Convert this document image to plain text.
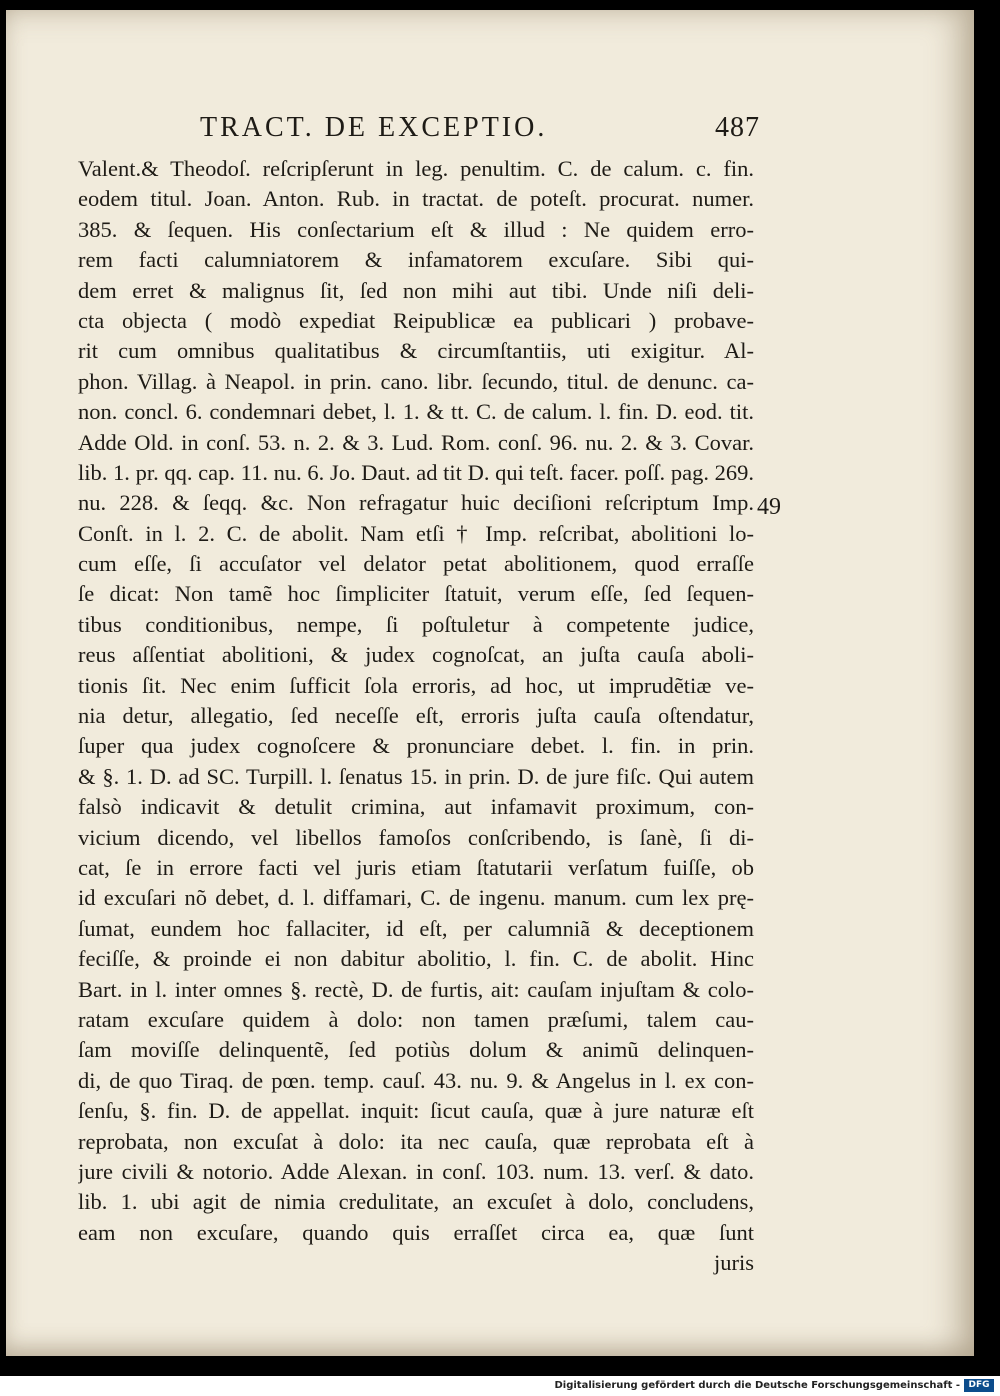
TRACT. DE EXCEPTIO.	487
49
Valent.& Theodoſ. reſcripſerunt in leg. penultim. C. de calum. c. fin.
eodem titul. Joan. Anton. Rub. in tractat. de poteſt. procurat. numer.
385. & ſequen. His conſectarium eſt & illud : Ne quidem erro-
rem facti calumniatorem & infamatorem excuſare. Sibi qui-
dem erret & malignus ſit, ſed non mihi aut tibi. Unde niſi deli-
cta objecta ( modò expediat Reipublicæ ea publicari ) probave-
rit cum omnibus qualitatibus & circumſtantiis, uti exigitur. Al-
phon. Villag. à Neapol. in prin. cano. libr. ſecundo, titul. de denunc. ca-
non. concl. 6. condemnari debet, l. 1. & tt. C. de calum. l. fin. D. eod. tit.
Adde Old. in conſ. 53. n. 2. & 3. Lud. Rom. conſ. 96. nu. 2. & 3. Covar.
lib. 1. pr. qq. cap. 11. nu. 6. Jo. Daut. ad tit D. qui teſt. facer. poſſ. pag. 269.
nu. 228. & ſeqq. &c. Non refragatur huic deciſioni reſcriptum Imp.
Conſt. in l. 2. C. de abolit. Nam etſi † Imp. reſcribat, abolitioni lo-
cum eſſe, ſi accuſator vel delator petat abolitionem, quod erraſſe
ſe dicat: Non tamẽ hoc ſimpliciter ſtatuit, verum eſſe, ſed ſequen-
tibus conditionibus, nempe, ſi poſtuletur à competente judice,
reus aſſentiat abolitioni, & judex cognoſcat, an juſta cauſa aboli-
tionis ſit. Nec enim ſufficit ſola erroris, ad hoc, ut imprudẽtiæ ve-
nia detur, allegatio, ſed neceſſe eſt, erroris juſta cauſa oſtendatur,
ſuper qua judex cognoſcere & pronunciare debet. l. fin. in prin.
& §. 1. D. ad SC. Turpill. l. ſenatus 15. in prin. D. de jure fiſc. Qui autem
falsò indicavit & detulit crimina, aut infamavit proximum, con-
vicium dicendo, vel libellos famoſos conſcribendo, is ſanè, ſi di-
cat, ſe in errore facti vel juris etiam ſtatutarii verſatum fuiſſe, ob
id excuſari nõ debet, d. l. diffamari, C. de ingenu. manum. cum lex prę-
ſumat, eundem hoc fallaciter, id eſt, per calumniã & deceptionem
feciſſe, & proinde ei non dabitur abolitio, l. fin. C. de abolit. Hinc
Bart. in l. inter omnes §. rectè, D. de furtis, ait: cauſam injuſtam & colo-
ratam excuſare quidem à dolo: non tamen præſumi, talem cau-
ſam moviſſe delinquentẽ, ſed potiùs dolum & animũ delinquen-
di, de quo Tiraq. de pœn. temp. cauſ. 43. nu. 9. & Angelus in l. ex con-
ſenſu, §. fin. D. de appellat. inquit: ſicut cauſa, quæ à jure naturæ eſt
reprobata, non excuſat à dolo: ita nec cauſa, quæ reprobata eſt à
jure civili & notorio. Adde Alexan. in conſ. 103. num. 13. verſ. & dato.
lib. 1. ubi agit de nimia credulitate, an excuſet à dolo, concludens,
eam non excuſare, quando quis erraſſet circa ea, quæ ſunt
juris
Digitalisierung gefördert durch die Deutsche Forschungsgemeinschaft - DFG
